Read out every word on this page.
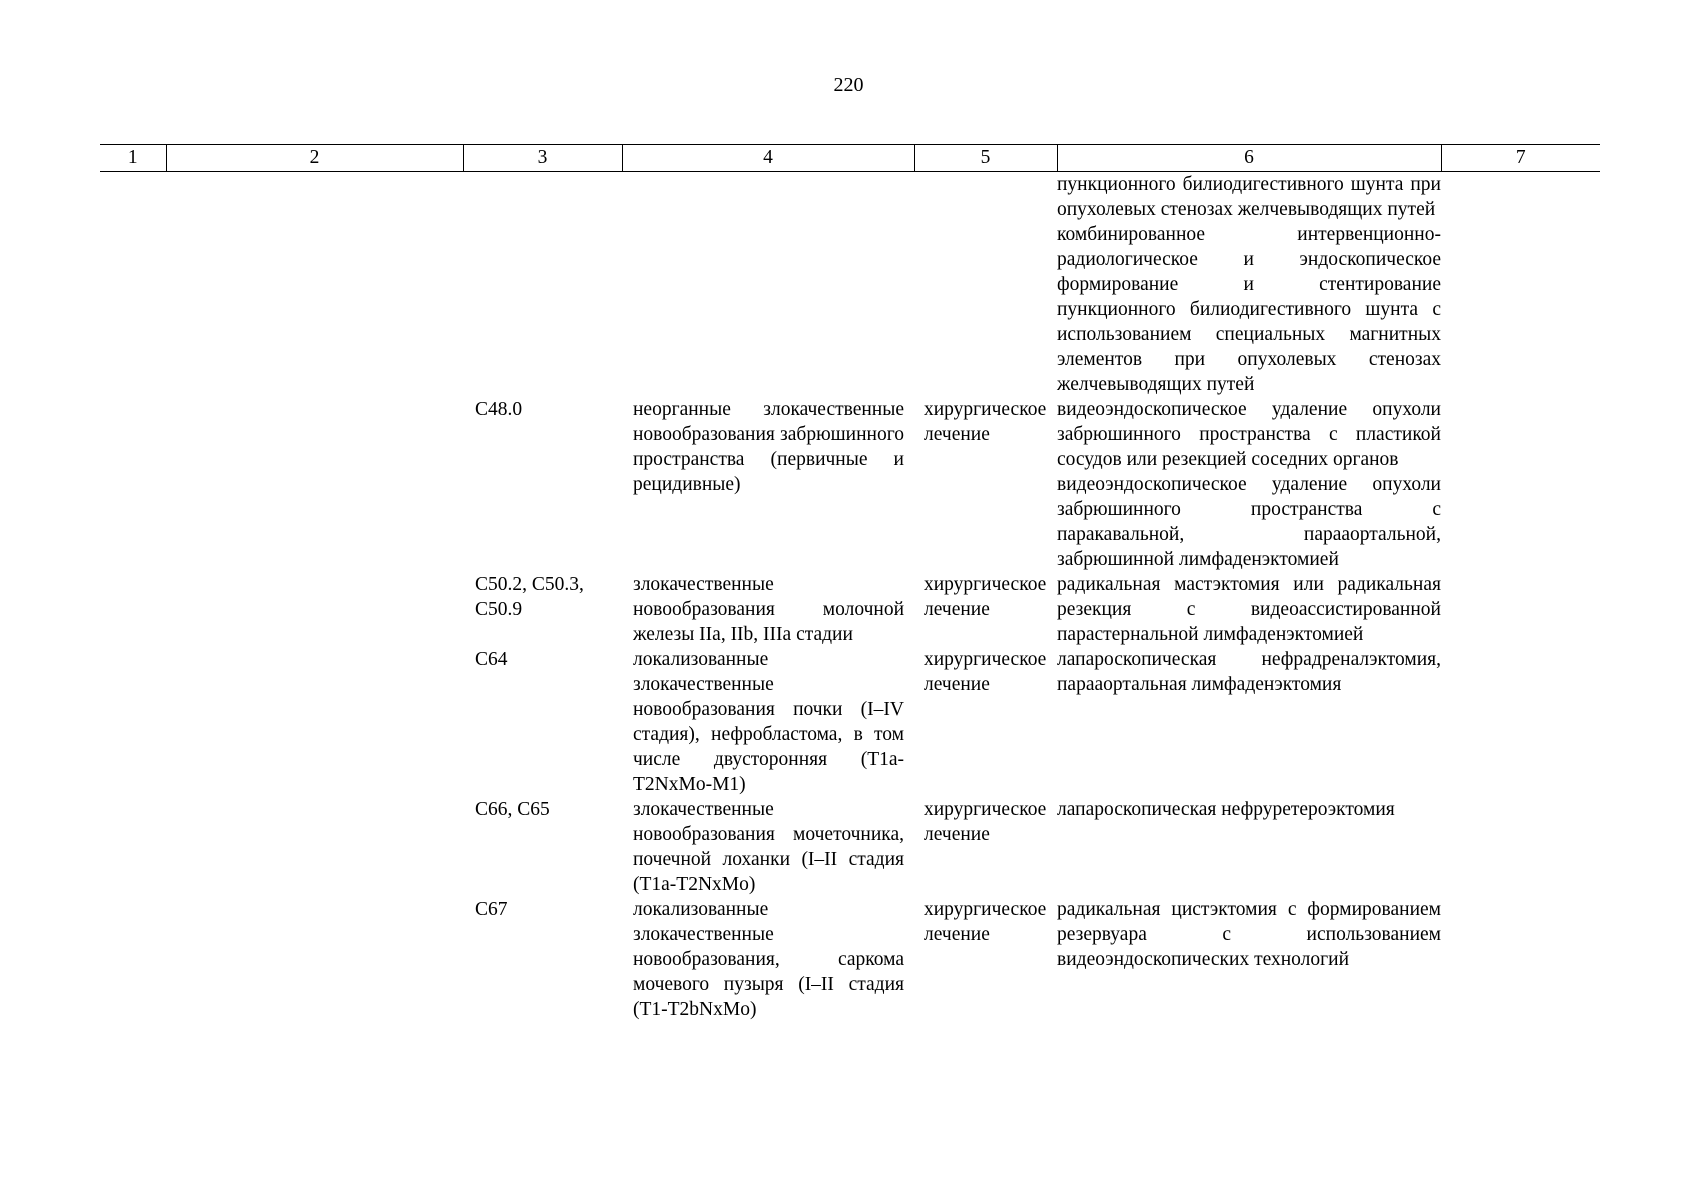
220
1	2	3	4	5	6	7

					пункционного билиодигестивного шунта при опухолевых стенозах желчевыводящих путей
комбинированное интервенционно-радиологическое и эндоскопическое формирование и стентирование пункционного билиодигестивного шунта с использованием специальных магнитных элементов при опухолевых стенозах желчевыводящих путей	

		C48.0	неорганные злокачественные новообразования забрюшинного пространства (первичные и рецидивные)	хирургическое лечение	видеоэндоскопическое удаление опухоли забрюшинного пространства с пластикой сосудов или резекцией соседних органов
видеоэндоскопическое удаление опухоли забрюшинного пространства с паракавальной, парааортальной, забрюшинной лимфаденэктомией	

		C50.2, C50.3, C50.9	злокачественные новообразования молочной железы IIa, IIb, IIIa стадии	хирургическое лечение	радикальная мастэктомия или радикальная резекция с видеоассистированной парастернальной лимфаденэктомией	

		C64	локализованные злокачественные новообразования почки (I–IV стадия), нефробластома, в том числе двусторонняя (T1a-T2NxMo-M1)	хирургическое лечение	лапароскопическая нефрадреналэктомия, парааортальная лимфаденэктомия	

		C66, C65	злокачественные новообразования мочеточника, почечной лоханки (I–II стадия (T1a-T2NxMo)	хирургическое лечение	лапароскопическая нефруретероэктомия	

		C67	локализованные злокачественные новообразования, саркома мочевого пузыря (I–II стадия (T1-T2bNxMo)	хирургическое лечение	радикальная цистэктомия с формированием резервуара с использованием видеоэндоскопических технологий	
